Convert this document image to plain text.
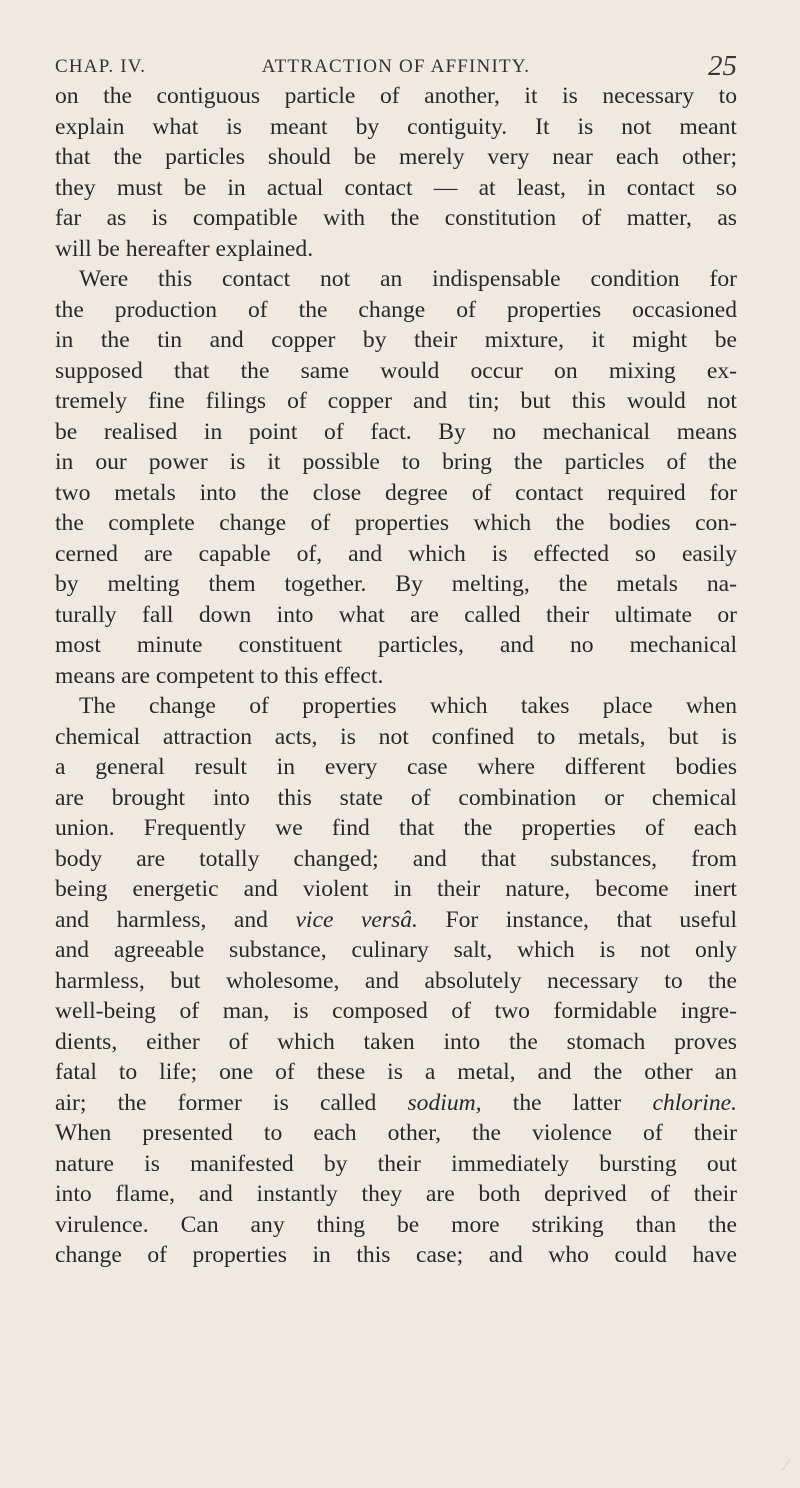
CHAP. IV.	ATTRACTION OF AFFINITY.	25
on the contiguous particle of another, it is necessary to
explain what is meant by contiguity. It is not meant
that the particles should be merely very near each other;
they must be in actual contact — at least, in contact so
far as is compatible with the constitution of matter, as
will be hereafter explained.
Were this contact not an indispensable condition for
the production of the change of properties occasioned
in the tin and copper by their mixture, it might be
supposed that the same would occur on mixing ex-
tremely fine filings of copper and tin; but this would not
be realised in point of fact. By no mechanical means
in our power is it possible to bring the particles of the
two metals into the close degree of contact required for
the complete change of properties which the bodies con-
cerned are capable of, and which is effected so easily
by melting them together. By melting, the metals na-
turally fall down into what are called their ultimate or
most minute constituent particles, and no mechanical
means are competent to this effect.
The change of properties which takes place when
chemical attraction acts, is not confined to metals, but is
a general result in every case where different bodies
are brought into this state of combination or chemical
union. Frequently we find that the properties of each
body are totally changed; and that substances, from
being energetic and violent in their nature, become inert
and harmless, and vice versâ. For instance, that useful
and agreeable substance, culinary salt, which is not only
harmless, but wholesome, and absolutely necessary to the
well-being of man, is composed of two formidable ingre-
dients, either of which taken into the stomach proves
fatal to life; one of these is a metal, and the other an
air; the former is called sodium, the latter chlorine.
When presented to each other, the violence of their
nature is manifested by their immediately bursting out
into flame, and instantly they are both deprived of their
virulence. Can any thing be more striking than the
change of properties in this case; and who could have
